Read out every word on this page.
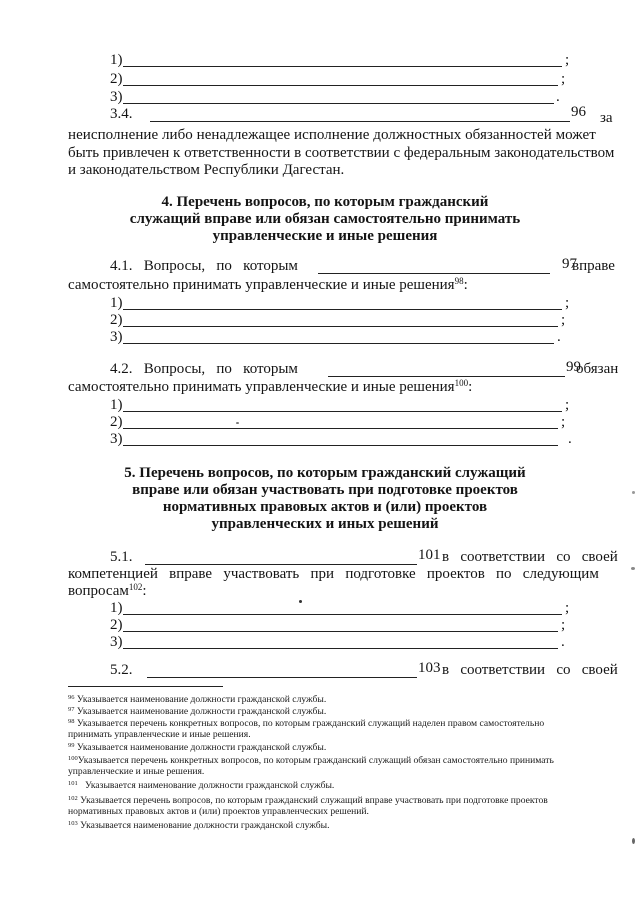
1)	;
2)	;
3)	.
3.4.	96 за
неисполнение либо ненадлежащее исполнение должностных обязанностей может
быть привлечен к ответственности в соответствии с федеральным законодательством
и законодательством Республики Дагестан.
4. Перечень вопросов, по которым гражданский
служащий вправе или обязан самостоятельно принимать
управленческие и иные решения
4.1.   Вопросы,   по   которым	97
вправе
самостоятельно принимать управленческие и иные решения$^{98}$:
1)	;
2)	;
3)	.
4.2.   Вопросы,   по   которым	99
обязан
самостоятельно принимать управленческие и иные решения$^{100}$:
1)	;
2)	;
3)	.
5. Перечень вопросов, по которым гражданский служащий
вправе или обязан участвовать при подготовке проектов
нормативных правовых актов и (или) проектов
управленческих и иных решений
5.1.	101 в   соответствии   со   своей
компетенцией   вправе   участвовать   при   подготовке   проектов   по   следующим
вопросам$^{102}$:
1)	;
2)	;
3)	.
5.2.	103 в   соответствии   со   своей
$^{96}$ Указывается наименование должности гражданской службы.
$^{97}$ Указывается наименование должности гражданской службы.
$^{98}$ Указывается перечень конкретных вопросов, по которым гражданский служащий наделен правом самостоятельно
принимать управленческие и иные решения.
$^{99}$ Указывается наименование должности гражданской службы.
$^{100}$Указывается перечень конкретных вопросов, по которым гражданский служащий обязан самостоятельно принимать
управленческие и иные решения.
$^{101}$   Указывается наименование должности гражданской службы.
$^{102}$ Указывается перечень вопросов, по которым гражданский служащий вправе участвовать при подготовке проектов
нормативных правовых актов и (или) проектов управленческих решений.
$^{103}$ Указывается наименование должности гражданской службы.
